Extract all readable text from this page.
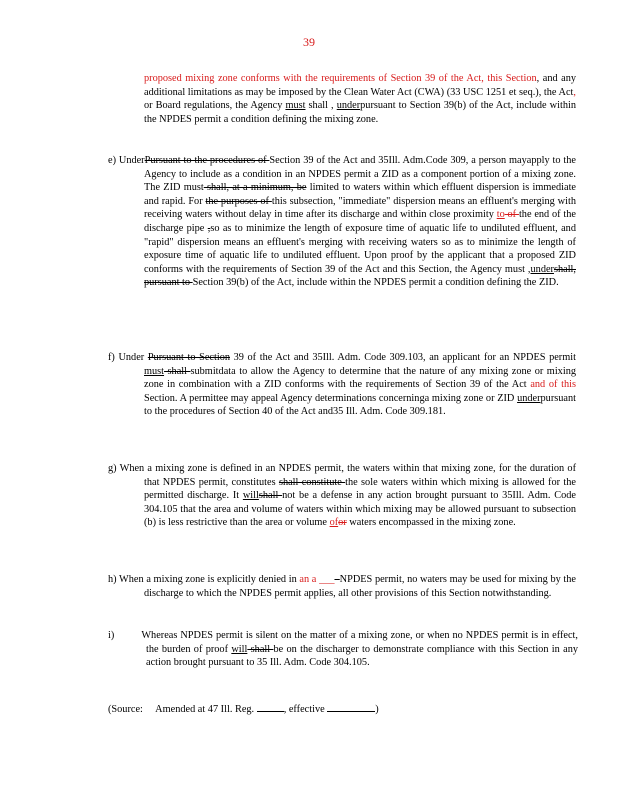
39
proposed mixing zone conforms with the requirements of Section 39 of the Act, this Section, and any additional limitations as may be imposed by the Clean Water Act (CWA) (33 USC 1251 et seq.), the Act, or Board regulations, the Agency must shall , underpursuant to Section 39(b) of the Act, include within the NPDES permit a condition defining the mixing zone.
e) UnderPursuant to the procedures of Section 39 of the Act and 35Ill. Adm.Code 309, a person mayapply to the Agency to include as a condition in an NPDES permit a ZID as a component portion of a mixing zone. The ZID must shall, at a minimum, be limited to waters within which effluent dispersion is immediate and rapid. For the purposes of this subsection, "immediate" dispersion means an effluent's merging with receiving waters without delay in time after its discharge and within close proximity to of the end of the discharge pipe ,so as to minimize the length of exposure time of aquatic life to undiluted effluent, and "rapid" dispersion means an effluent's merging with receiving waters so as to minimize the length of exposure time of aquatic life to undiluted effluent. Upon proof by the applicant that a proposed ZID conforms with the requirements of Section 39 of the Act and this Section, the Agency must ,undershall, pursuant to Section 39(b) of the Act, include within the NPDES permit a condition defining the ZID.
f) Under Pursuant to Section 39 of the Act and 35Ill. Adm. Code 309.103, an applicant for an NPDES permit must shall submitdata to allow the Agency to determine that the nature of any mixing zone or mixing zone in combination with a ZID conforms with the requirements of Section 39 of the Act and of this Section. A permittee may appeal Agency determinations concerninga mixing zone or ZID underpursuant to the procedures of Section 40 of the Act and35 Ill. Adm. Code 309.181.
g) When a mixing zone is defined in an NPDES permit, the waters within that mixing zone, for the duration of that NPDES permit, constitutes shall constitute the sole waters within which mixing is allowed for the permitted discharge. It willshall not be a defense in any action brought pursuant to 35Ill. Adm. Code 304.105 that the area and volume of waters within which mixing may be allowed pursuant to subsection (b) is less restrictive than the area or volume ofor waters encompassed in the mixing zone.
h) When a mixing zone is explicitly denied in an a ___–NPDES permit, no waters may be used for mixing by the discharge to which the NPDES permit applies, all other provisions of this Section notwithstanding.
i)         Whereas NPDES permit is silent on the matter of a mixing zone, or when no NPDES permit is in effect, the burden of proof will shall be on the discharger to demonstrate compliance with this Section in any action brought pursuant to 35 Ill. Adm. Code 304.105.
(Source:     Amended at 47 Ill. Reg.	, effective	)
